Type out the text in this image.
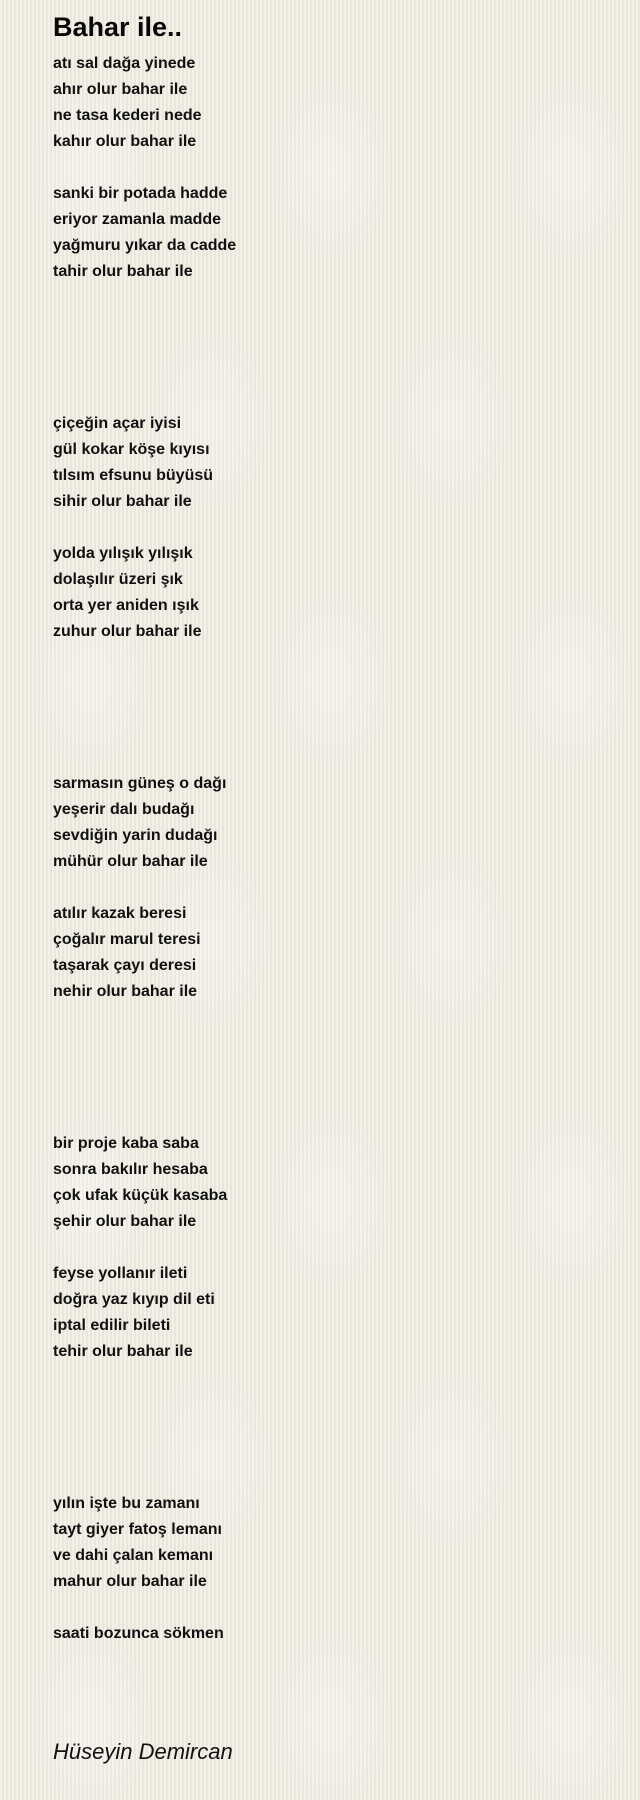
Bahar ile..
atı sal dağa yinede
ahır olur bahar ile
ne tasa kederi nede
kahır olur bahar ile
sanki bir potada hadde
eriyor zamanla madde
yağmuru yıkar da cadde
tahir olur bahar ile
çiçeğin açar iyisi
gül kokar köşe kıyısı
tılsım efsunu büyüsü
sihir olur bahar ile
yolda yılışık yılışık
dolaşılır üzeri şık
orta yer aniden ışık
zuhur olur bahar ile
sarmasın güneş o dağı
yeşerir dalı budağı
sevdiğin yarin dudağı
mühür olur bahar ile
atılır kazak beresi
çoğalır marul teresi
taşarak çayı deresi
nehir olur bahar ile
bir proje kaba saba
sonra bakılır hesaba
çok ufak küçük kasaba
şehir olur bahar ile
feyse yollanır ileti
doğra yaz kıyıp dil eti
iptal edilir bileti
tehir olur bahar ile
yılın işte bu zamanı
tayt giyer fatoş lemanı
ve dahi çalan kemanı
mahur olur bahar ile
saati bozunca sökmen

Hüseyin Demircan
